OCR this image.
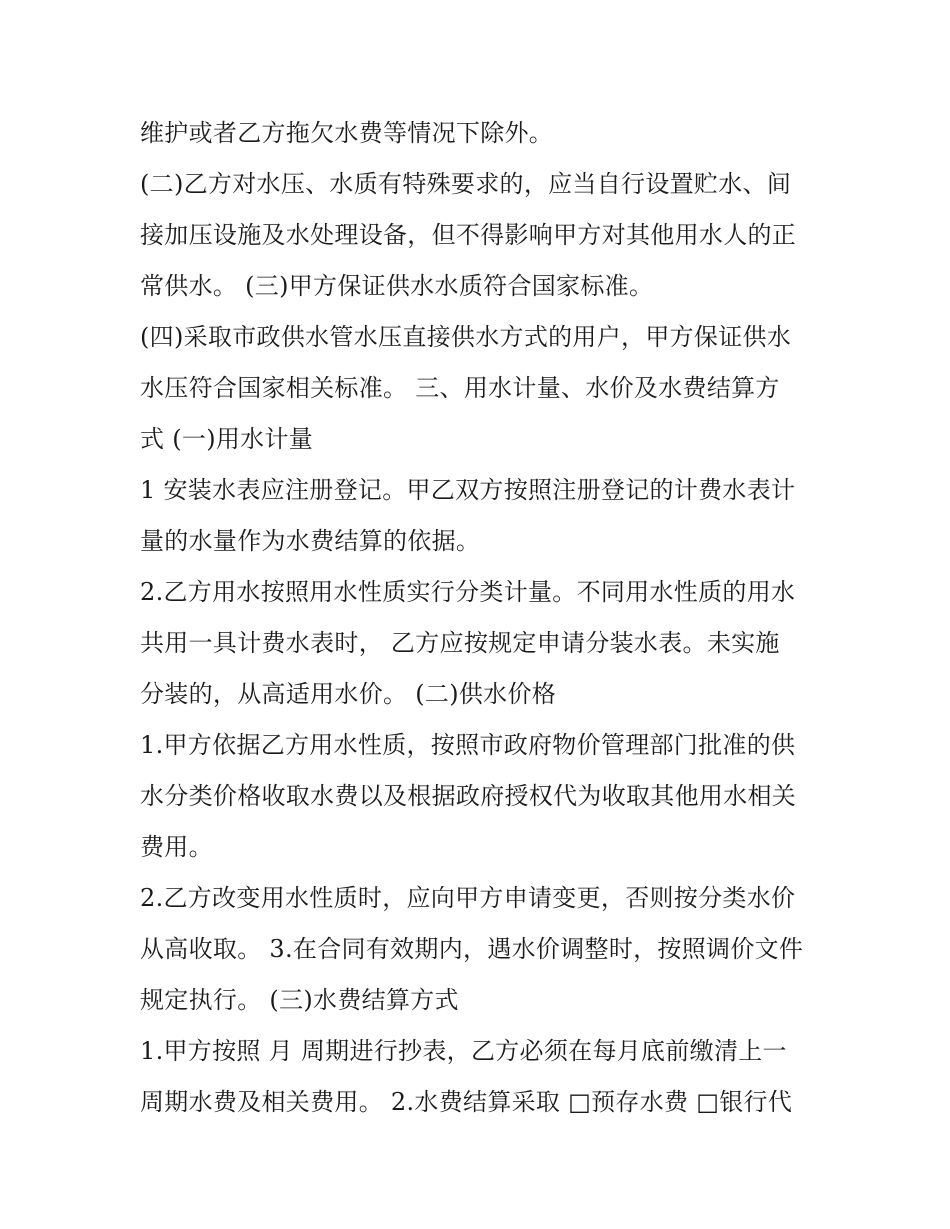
维护或者乙方拖欠水费等情况下除外。
(二)乙方对水压、水质有特殊要求的，应当自行设置贮水、间
接加压设施及水处理设备，但不得影响甲方对其他用水人的正
常供水。 (三)甲方保证供水水质符合国家标准。
(四)采取市政供水管水压直接供水方式的用户，甲方保证供水
水压符合国家相关标准。 三、用水计量、水价及水费结算方
式 (一)用水计量
1 安装水表应注册登记。甲乙双方按照注册登记的计费水表计
量的水量作为水费结算的依据。
2.乙方用水按照用水性质实行分类计量。不同用水性质的用水
共用一具计费水表时， 乙方应按规定申请分装水表。未实施
分装的，从高适用水价。 (二)供水价格
1.甲方依据乙方用水性质，按照市政府物价管理部门批准的供
水分类价格收取水费以及根据政府授权代为收取其他用水相关
费用。
2.乙方改变用水性质时，应向甲方申请变更，否则按分类水价
从高收取。 3.在合同有效期内，遇水价调整时，按照调价文件
规定执行。 (三)水费结算方式
1.甲方按照 月 周期进行抄表，乙方必须在每月底前缴清上一
周期水费及相关费用。 2.水费结算采取 □预存水费 □银行代
